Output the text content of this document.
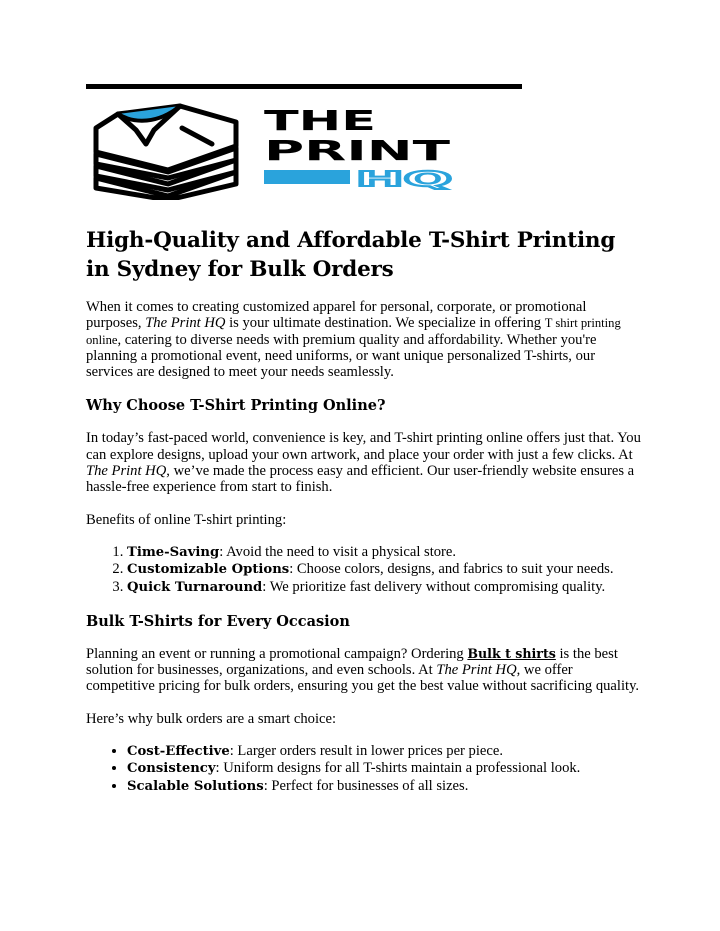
THE
PRINT
HQ
High-Quality and Affordable T-Shirt Printing in Sydney for Bulk Orders

When it comes to creating customized apparel for personal, corporate, or promotional purposes, The Print HQ is your ultimate destination. We specialize in offering T shirt printing online, catering to diverse needs with premium quality and affordability. Whether you're planning a promotional event, need uniforms, or want unique personalized T-shirts, our services are designed to meet your needs seamlessly.

Why Choose T-Shirt Printing Online?

In today’s fast-paced world, convenience is key, and T-shirt printing online offers just that. You can explore designs, upload your own artwork, and place your order with just a few clicks. At The Print HQ, we’ve made the process easy and efficient. Our user-friendly website ensures a hassle-free experience from start to finish.

Benefits of online T-shirt printing:

1. Time-Saving: Avoid the need to visit a physical store.
2. Customizable Options: Choose colors, designs, and fabrics to suit your needs.
3. Quick Turnaround: We prioritize fast delivery without compromising quality.
Bulk T-Shirts for Every Occasion

Planning an event or running a promotional campaign? Ordering Bulk t shirts is the best solution for businesses, organizations, and even schools. At The Print HQ, we offer competitive pricing for bulk orders, ensuring you get the best value without sacrificing quality.

Here’s why bulk orders are a smart choice:

• Cost-Effective: Larger orders result in lower prices per piece.
• Consistency: Uniform designs for all T-shirts maintain a professional look.
• Scalable Solutions: Perfect for businesses of all sizes.
